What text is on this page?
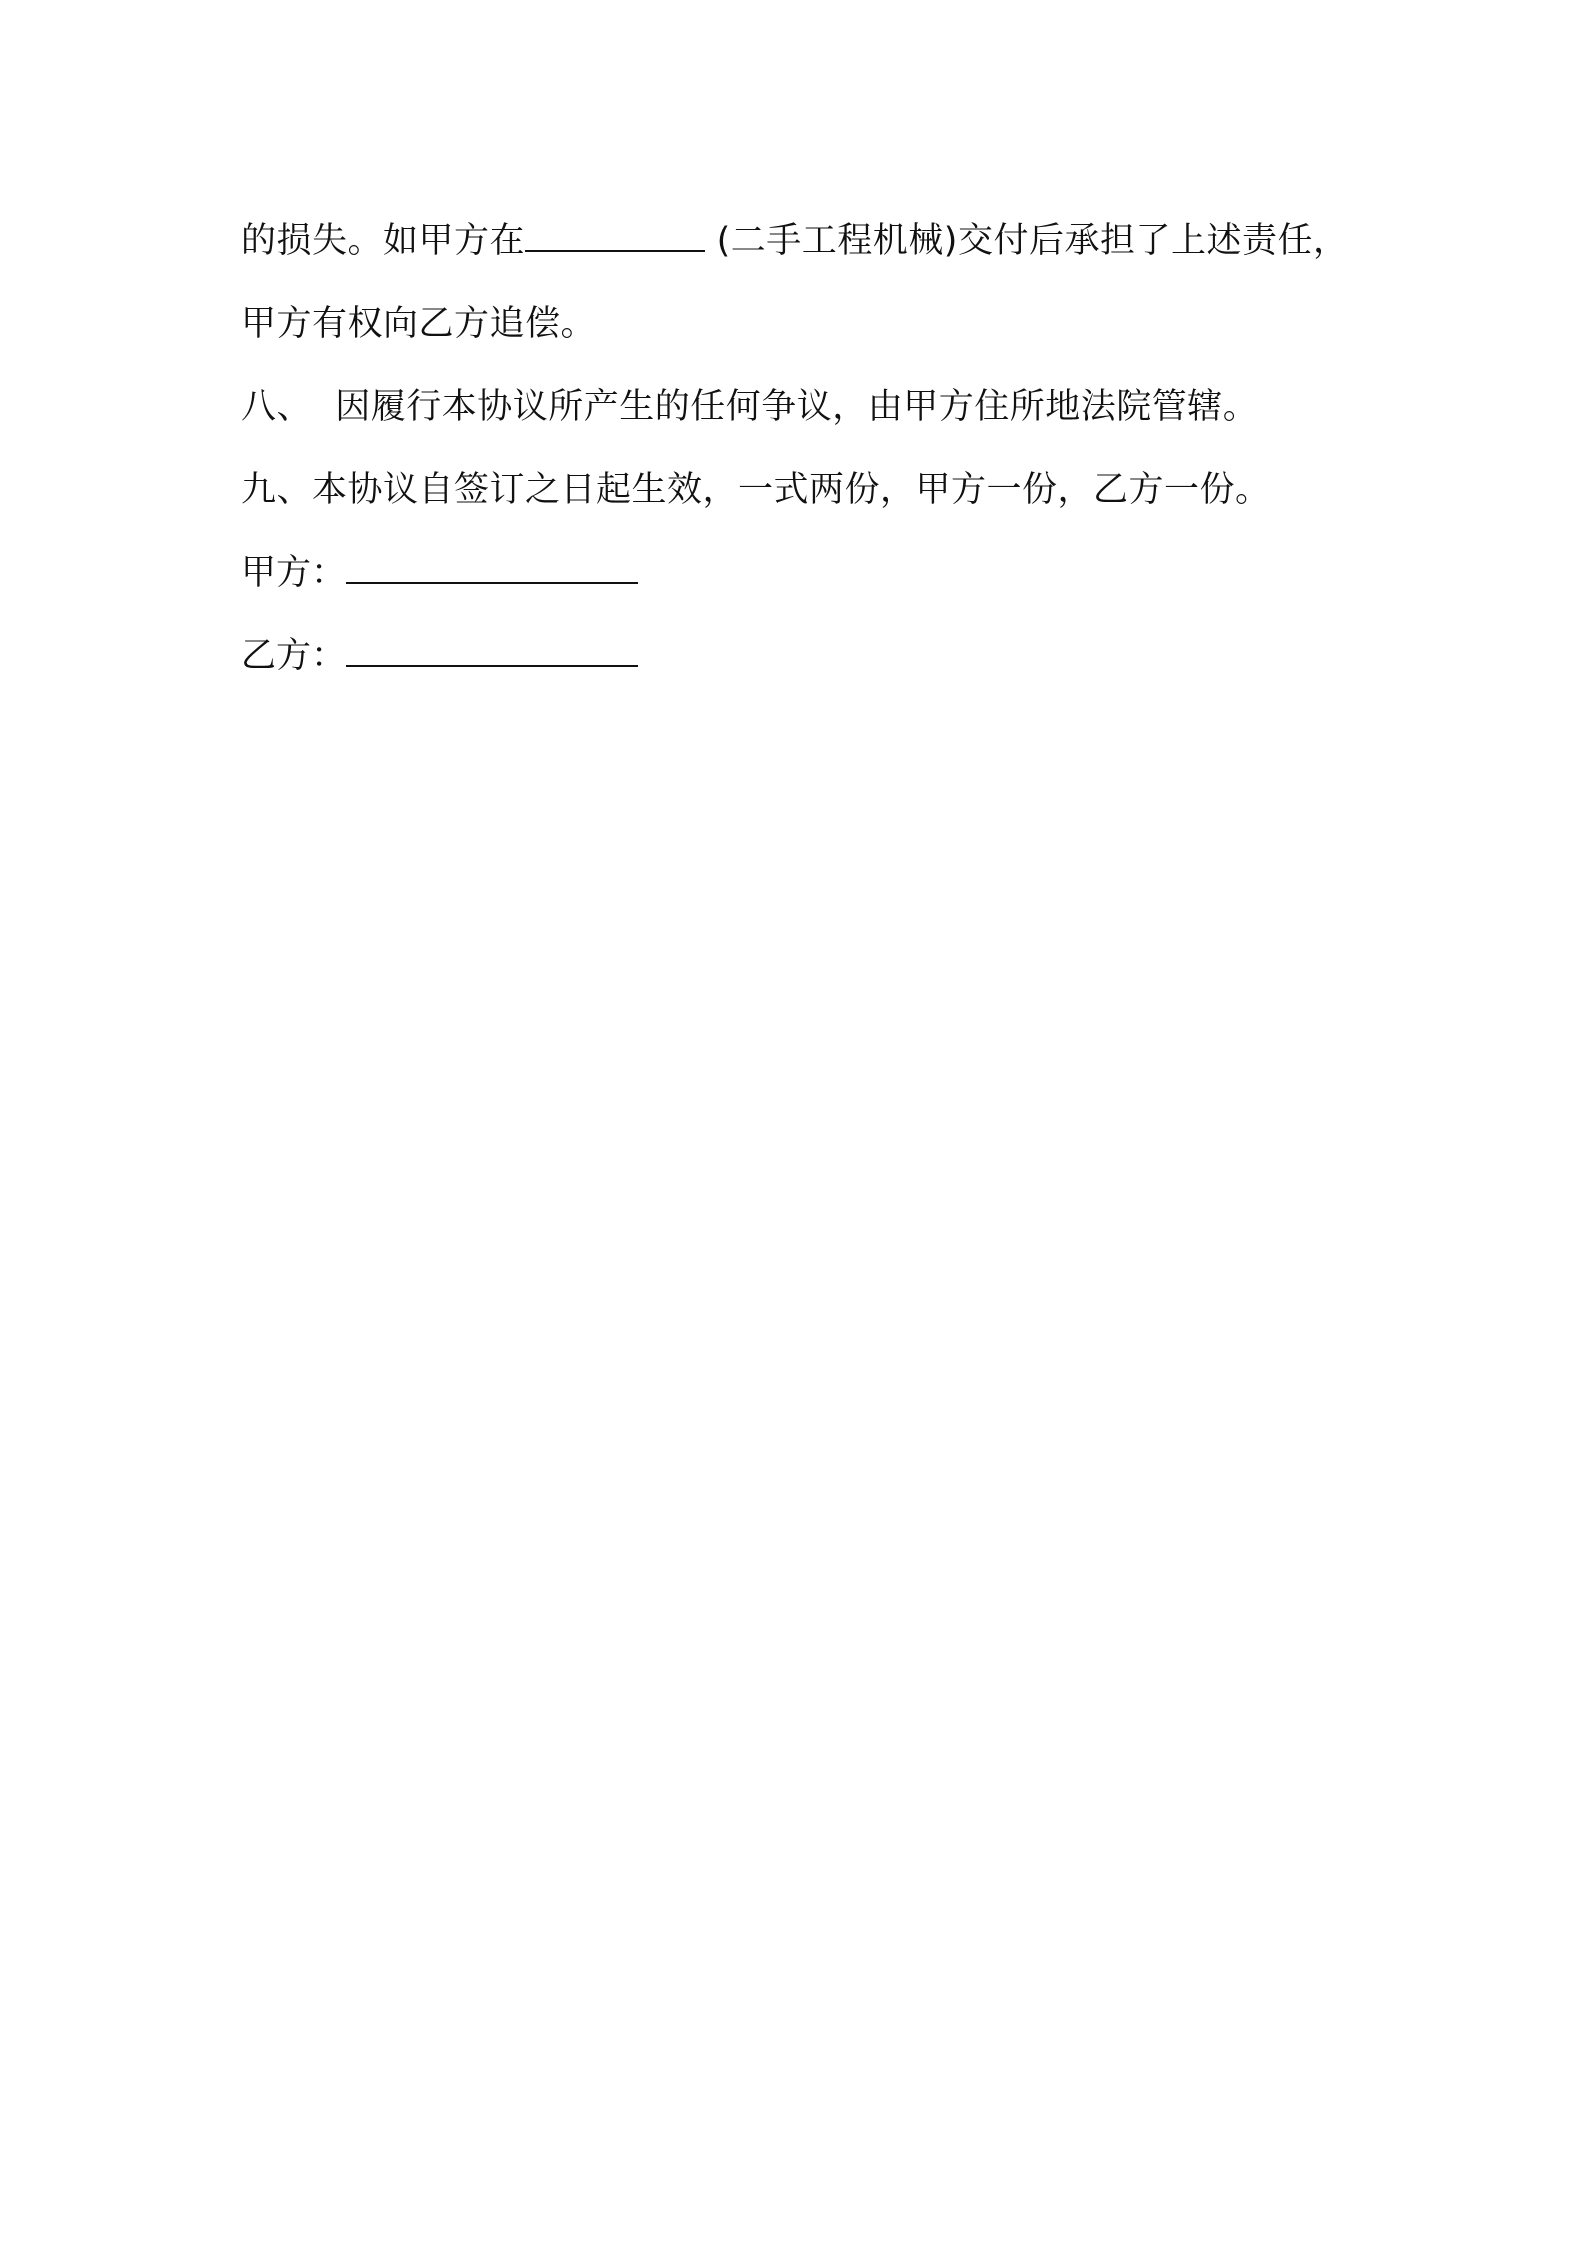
的损失。如甲方在	(二手工程机械)交付后承担了上述责任，
甲方有权向乙方追偿。
八、  因履行本协议所产生的任何争议，由甲方住所地法院管辖。
九、本协议自签订之日起生效，一式两份，甲方一份，乙方一份。
甲方：
乙方：
